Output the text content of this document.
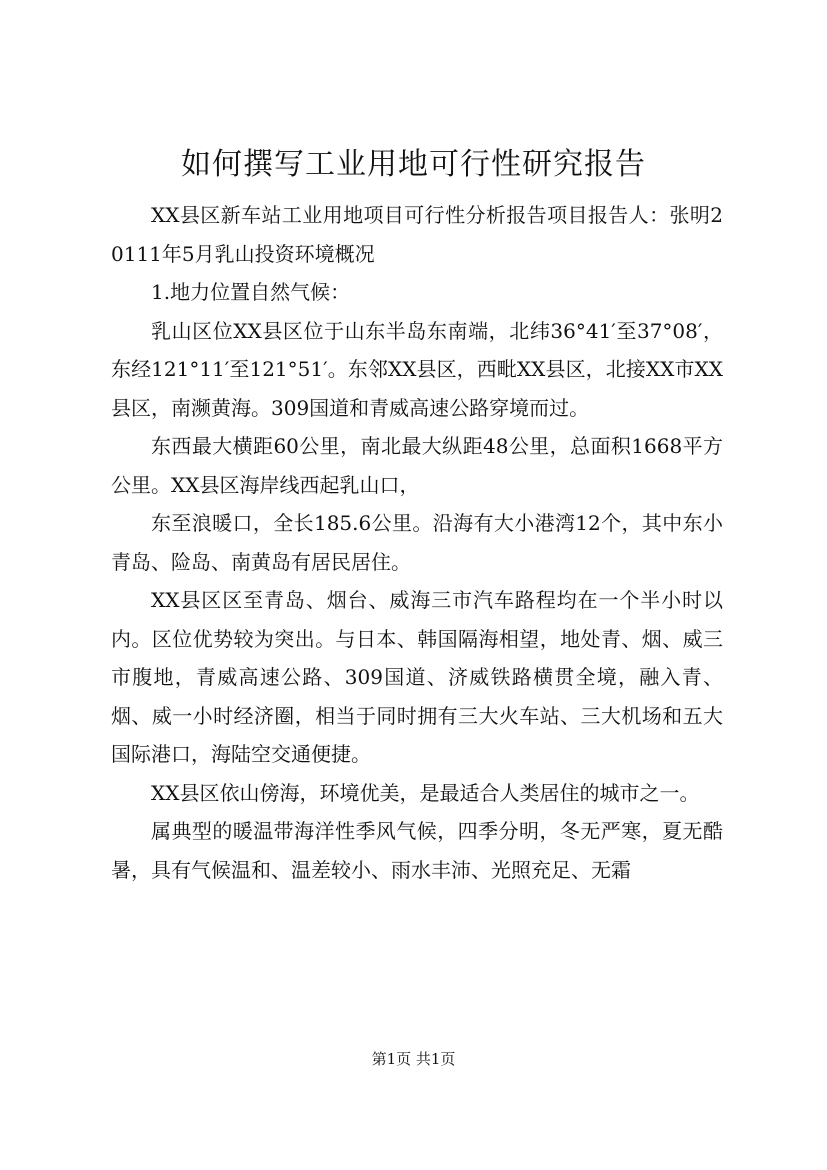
如何撰写工业用地可行性研究报告

XX县区新车站工业用地项目可行性分析报告项目报告人：张明20111年5月乳山投资环境概况

1.地力位置自然气候：

乳山区位XX县区位于山东半岛东南端，北纬36°41′至37°08′，东经121°11′至121°51′。东邻XX县区，西毗XX县区，北接XX市XX县区，南濒黄海。309国道和青威高速公路穿境而过。

东西最大横距60公里，南北最大纵距48公里，总面积1668平方公里。XX县区海岸线西起乳山口，

东至浪暖口，全长185.6公里。沿海有大小港湾12个，其中东小青岛、险岛、南黄岛有居民居住。

XX县区区至青岛、烟台、威海三市汽车路程均在一个半小时以内。区位优势较为突出。与日本、韩国隔海相望，地处青、烟、威三市腹地，青威高速公路、309国道、济威铁路横贯全境，融入青、烟、威一小时经济圈，相当于同时拥有三大火车站、三大机场和五大国际港口，海陆空交通便捷。

XX县区依山傍海，环境优美，是最适合人类居住的城市之一。

属典型的暖温带海洋性季风气候，四季分明，冬无严寒，夏无酷暑，具有气候温和、温差较小、雨水丰沛、光照充足、无霜

第1页 共1页
